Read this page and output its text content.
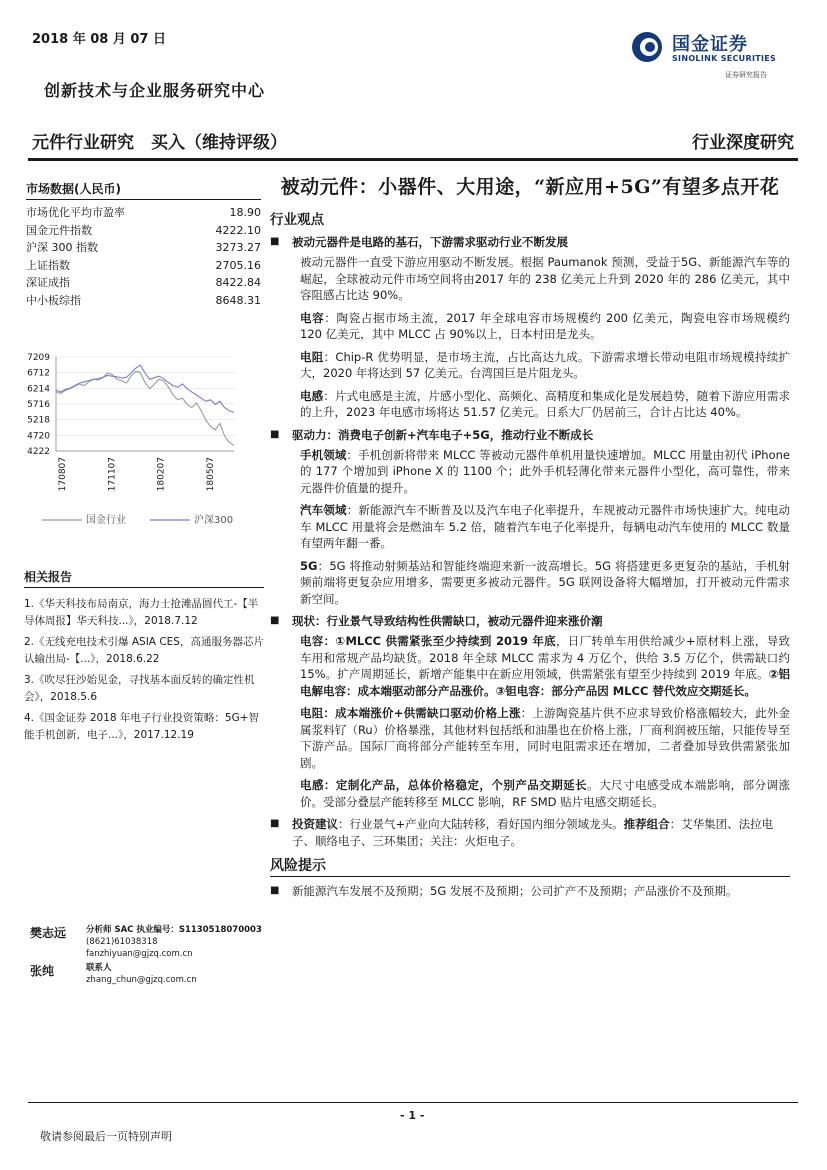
2018 年 08 月 07 日
创新技术与企业服务研究中心
国金证券
SINOLINK SECURITIES
证券研究报告
元件行业研究　买入（维持评级）	行业深度研究
市场数据(人民币)
市场优化平均市盈率	18.90
国金元件指数	4222.10
沪深 300 指数	3273.27
上证指数	2705.16
深证成指	8422.84
中小板综指	8648.31
7209
6712
6214
5716
5218
4720
4222
170807	171107	180207	180507
国金行业	沪深300
相关报告
1.《华天科技布局南京，海力士抢滩晶圆代工-【半导体周报】华天科技...》，2018.7.12
2.《无线充电技术引爆 ASIA CES，高通服务器芯片认输出局-【...》，2018.6.22
3.《吹尽狂沙始见金，寻找基本面反转的确定性机会》，2018.5.6
4.《国金证券 2018 年电子行业投资策略：5G+智能手机创新，电子...》，2017.12.19
樊志远 分析师 SAC 执业编号：S1130518070003
(8621)61038318
fanzhiyuan@gjzq.com.cn
张纯	联系人
zhang_chun@gjzq.com.cn
被动元件：小器件、大用途，“新应用+5G”有望多点开花
行业观点
■	被动元器件是电路的基石，下游需求驱动行业不断发展
被动元器件一直受下游应用驱动不断发展。根据 Paumanok 预测，受益于5G、新能源汽车等的崛起，全球被动元件市场空间将由2017 年的 238 亿美元上升到 2020 年的 286 亿美元，其中容阻感占比达 90%。
电容：陶瓷占据市场主流，2017 年全球电容市场规模约 200 亿美元，陶瓷电容市场规模约 120 亿美元，其中 MLCC 占 90%以上，日本村田是龙头。
电阻：Chip-R 优势明显，是市场主流，占比高达九成。下游需求增长带动电阻市场规模持续扩大，2020 年将达到 57 亿美元。台湾国巨是片阻龙头。
电感：片式电感是主流，片感小型化、高频化、高精度和集成化是发展趋势，随着下游应用需求的上升，2023 年电感市场将达 51.57 亿美元。日系大厂仍居前三，合计占比达 40%。
■	驱动力：消费电子创新+汽车电子+5G，推动行业不断成长
手机领域：手机创新将带来 MLCC 等被动元器件单机用量快速增加。MLCC 用量由初代 iPhone 的 177 个增加到 iPhone X 的 1100 个；此外手机轻薄化带来元器件小型化，高可靠性，带来元器件价值量的提升。
汽车领域：新能源汽车不断普及以及汽车电子化率提升，车规被动元器件市场快速扩大。纯电动车 MLCC 用量将会是燃油车 5.2 倍，随着汽车电子化率提升，每辆电动汽车使用的 MLCC 数量有望两年翻一番。
5G：5G 将推动射频基站和智能终端迎来新一波高增长。5G 将搭建更多更复杂的基站，手机射频前端将更复杂应用增多，需要更多被动元器件。5G 联网设备将大幅增加，打开被动元件需求新空间。
■	现状：行业景气导致结构性供需缺口，被动元器件迎来涨价潮
电容：①MLCC 供需紧张至少持续到 2019 年底，日厂转单车用供给减少+原材料上涨，导致车用和常规产品均缺货。2018 年全球 MLCC 需求为 4 万亿个，供给 3.5 万亿个，供需缺口约 15%。扩产周期延长，新增产能集中在新应用领域，供需紧张有望至少持续到 2019 年底。②铝电解电容：成本端驱动部分产品涨价。③钽电容：部分产品因 MLCC 替代效应交期延长。
电阻：成本端涨价+供需缺口驱动价格上涨：上游陶瓷基片供不应求导致价格涨幅较大，此外金属浆料钌（Ru）价格暴涨，其他材料包括纸和油墨也在价格上涨，厂商利润被压缩，只能传导至下游产品。国际厂商将部分产能转至车用，同时电阻需求还在增加，二者叠加导致供需紧张加剧。
电感：定制化产品，总体价格稳定，个别产品交期延长。大尺寸电感受成本端影响，部分调涨价。受部分叠层产能转移至 MLCC 影响，RF SMD 贴片电感交期延长。
■	投资建议：行业景气+产业向大陆转移，看好国内细分领域龙头。推荐组合：艾华集团、法拉电子、顺络电子、三环集团；关注：火炬电子。
风险提示
■	新能源汽车发展不及预期；5G 发展不及预期；公司扩产不及预期；产品涨价不及预期。
- 1 -
敬请参阅最后一页特别声明
